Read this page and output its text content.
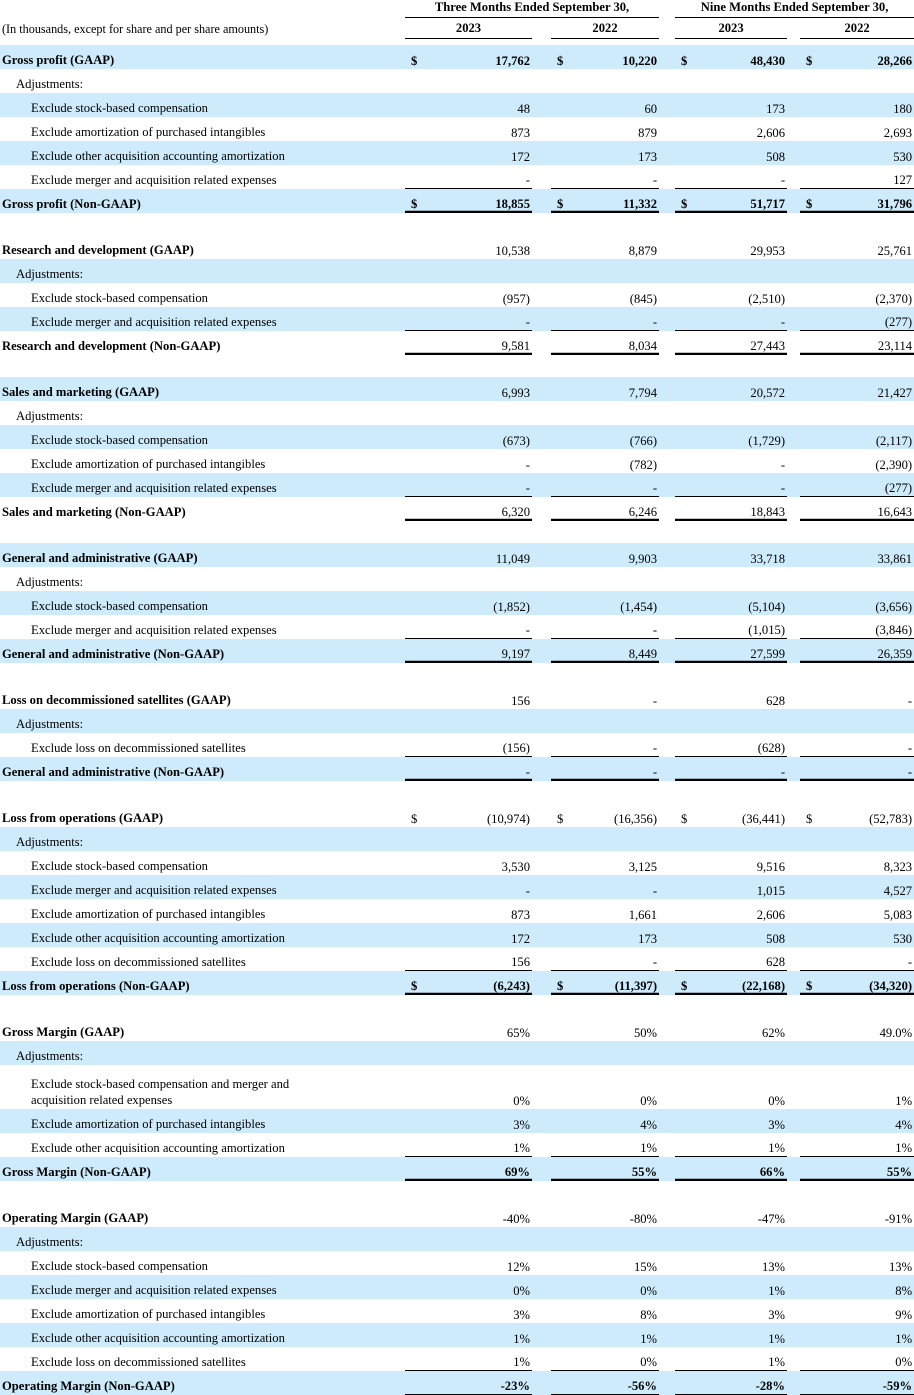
	Three Months Ended September 30,						Nine Months Ended September 30,				
(In thousands, except for share and per share amounts)	2023			2022			2023			2022	

Gross profit (GAAP)	$	17,762		$	10,220		$	48,430		$	28,266
Adjustments:											
Exclude stock-based compensation		48			60			173			180
Exclude amortization of purchased intangibles		873			879			2,606			2,693
Exclude other acquisition accounting amortization		172			173			508			530
Exclude merger and acquisition related expenses		-			-			-			127
Gross profit (Non-GAAP)	$	18,855		$	11,332		$	51,717		$	31,796

Research and development (GAAP)		10,538			8,879			29,953			25,761
Adjustments:											
Exclude stock-based compensation		(957)			(845)			(2,510)			(2,370)
Exclude merger and acquisition related expenses		-			-			-			(277)
Research and development (Non-GAAP)		9,581			8,034			27,443			23,114

Sales and marketing (GAAP)		6,993			7,794			20,572			21,427
Adjustments:											
Exclude stock-based compensation		(673)			(766)			(1,729)			(2,117)
Exclude amortization of purchased intangibles		-			(782)			-			(2,390)
Exclude merger and acquisition related expenses		-			-			-			(277)
Sales and marketing (Non-GAAP)		6,320			6,246			18,843			16,643

General and administrative (GAAP)		11,049			9,903			33,718			33,861
Adjustments:											
Exclude stock-based compensation		(1,852)			(1,454)			(5,104)			(3,656)
Exclude merger and acquisition related expenses		-			-			(1,015)			(3,846)
General and administrative (Non-GAAP)		9,197			8,449			27,599			26,359

Loss on decommissioned satellites (GAAP)		156			-			628			-
Adjustments:											
Exclude loss on decommissioned satellites		(156)			-			(628)			-
General and administrative (Non-GAAP)		-			-			-			-

Loss from operations (GAAP)	$	(10,974)		$	(16,356)		$	(36,441)		$	(52,783)
Adjustments:											
Exclude stock-based compensation		3,530			3,125			9,516			8,323
Exclude merger and acquisition related expenses		-			-			1,015			4,527
Exclude amortization of purchased intangibles		873			1,661			2,606			5,083
Exclude other acquisition accounting amortization		172			173			508			530
Exclude loss on decommissioned satellites		156			-			628			-
Loss from operations (Non-GAAP)	$	(6,243)		$	(11,397)		$	(22,168)		$	(34,320)

Gross Margin (GAAP)		65%			50%			62%			49.0%
Adjustments:											
Exclude stock-based compensation and merger and
acquisition related expenses		0%			0%			0%			1%
Exclude amortization of purchased intangibles		3%			4%			3%			4%
Exclude other acquisition accounting amortization		1%			1%			1%			1%
Gross Margin (Non-GAAP)		69%			55%			66%			55%

Operating Margin (GAAP)		-40%			-80%			-47%			-91%
Adjustments:											
Exclude stock-based compensation		12%			15%			13%			13%
Exclude merger and acquisition related expenses		0%			0%			1%			8%
Exclude amortization of purchased intangibles		3%			8%			3%			9%
Exclude other acquisition accounting amortization		1%			1%			1%			1%
Exclude loss on decommissioned satellites		1%			0%			1%			0%
Operating Margin (Non-GAAP)		-23%			-56%			-28%			-59%
